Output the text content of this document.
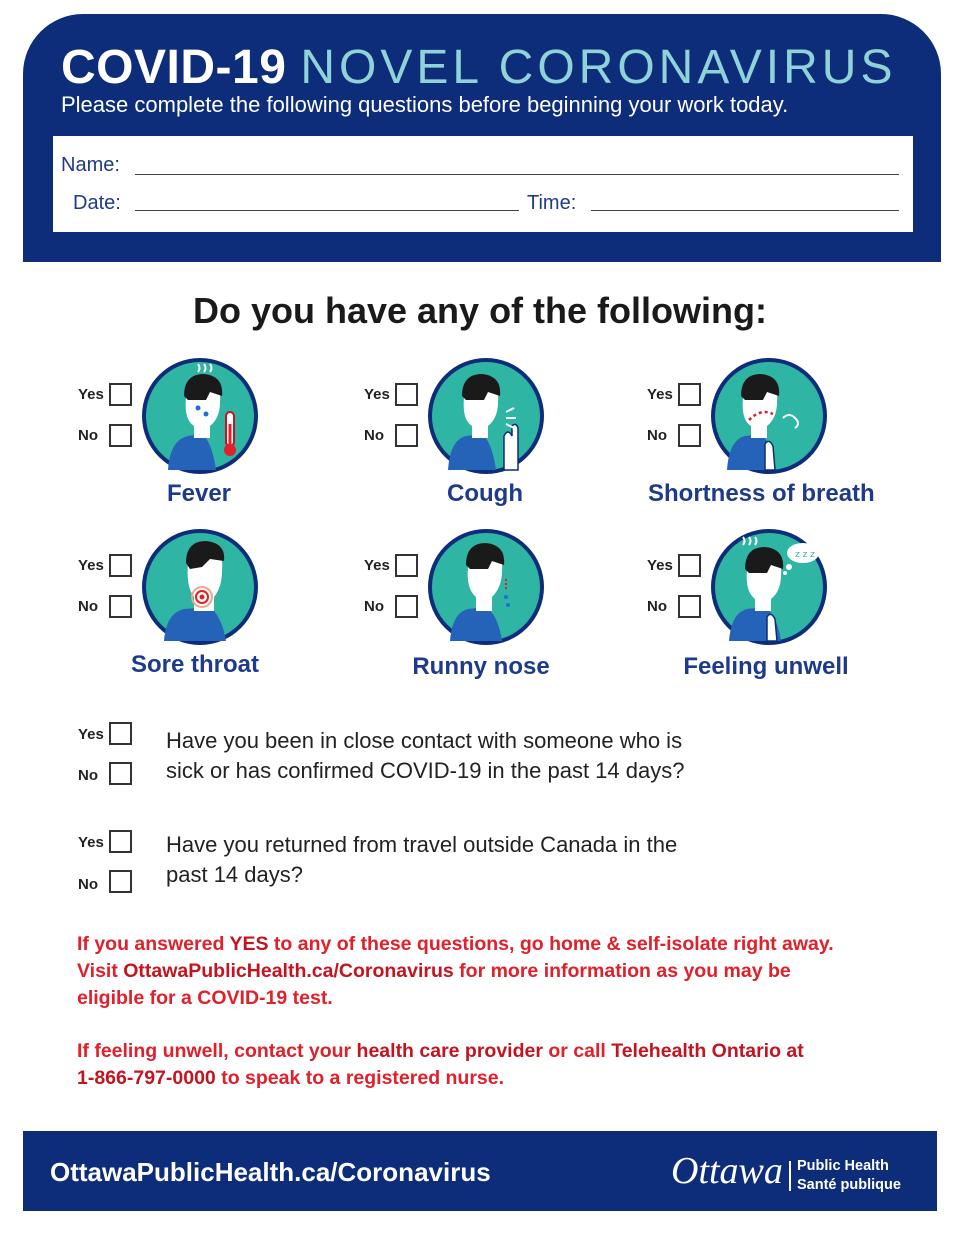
COVID-19 NOVEL CORONAVIRUS
Please complete the following questions before beginning your work today.
Name:
Date:	Time:
Do you have any of the following:
Yes
No
Fever
Yes
No
Cough
Yes
No
Shortness of breath
Yes
No
Sore throat
Yes
No
Runny nose
Yes
No
z z z
Feeling unwell
Yes
No
Have you been in close contact with someone who is
sick or has confirmed COVID-19 in the past 14 days?
Yes
No
Have you returned from travel outside Canada in the
past 14 days?
If you answered YES to any of these questions, go home & self-isolate right away.
Visit OttawaPublicHealth.ca/Coronavirus for more information as you may be
eligible for a COVID-19 test.
If feeling unwell, contact your health care provider or call Telehealth Ontario at
1-866-797-0000 to speak to a registered nurse.
OttawaPublicHealth.ca/Coronavirus	Ottawa Public Health
Santé publique
